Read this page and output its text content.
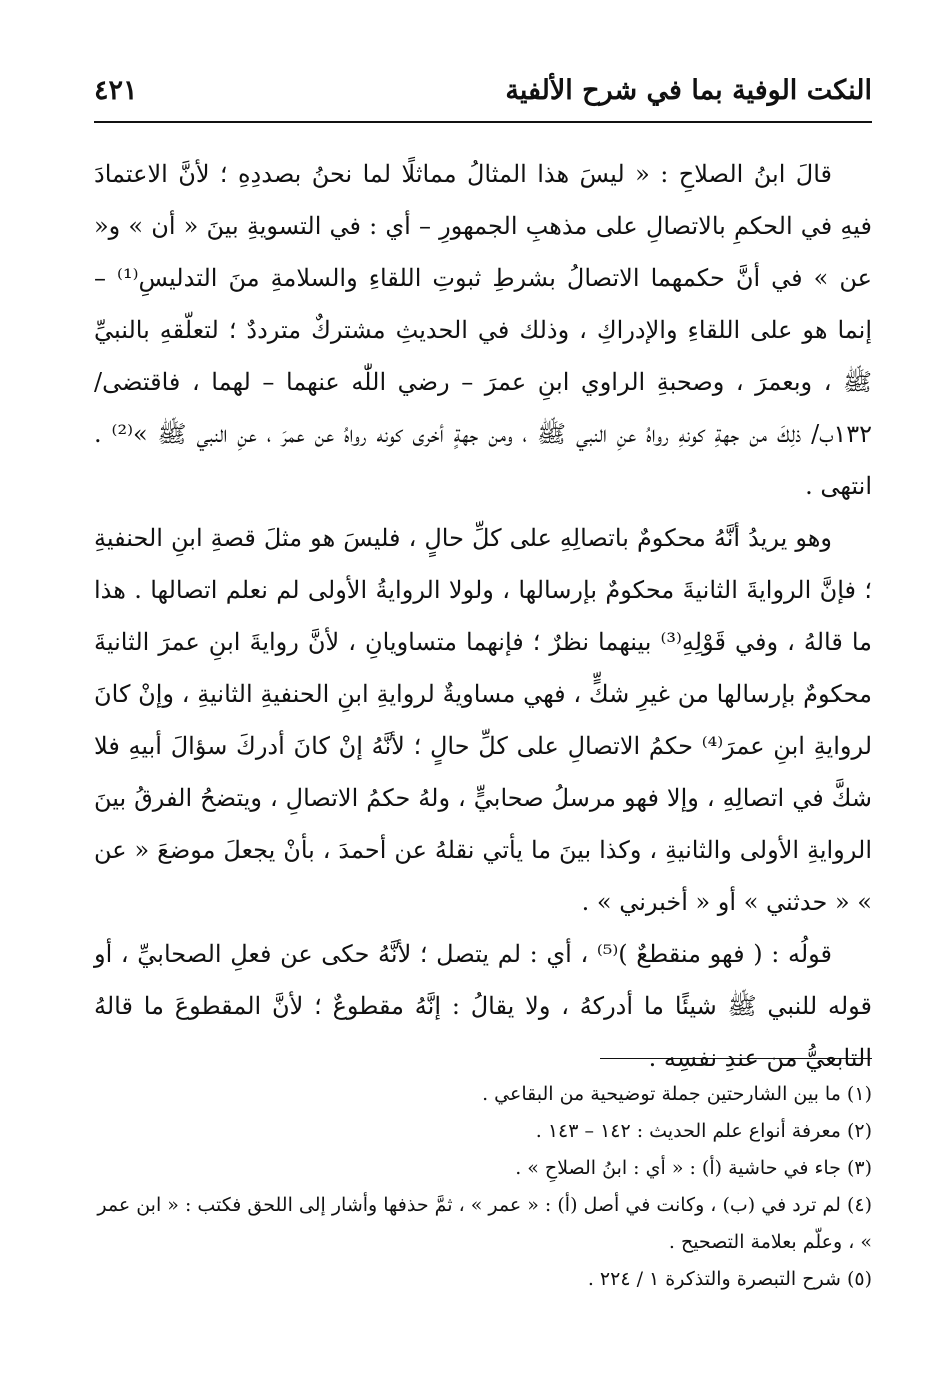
النكت الوفية بما في شرح الألفية
٤٢١

قالَ ابنُ الصلاحِ : « ليسَ هذا المثالُ مماثلًا لما نحنُ بصددِهِ ؛ لأنَّ الاعتمادَ فيهِ في الحكمِ بالاتصالِ على مذهبِ الجمهورِ – أي : في التسويةِ بينَ « أن » و« عن » في أنَّ حكمهما الاتصالُ بشرطِ ثبوتِ اللقاءِ والسلامةِ منَ التدليسِ⁽¹⁾ – إنما هو على اللقاءِ والإدراكِ ، وذلك في الحديثِ مشتركٌ مترددٌ ؛ لتعلّقهِ بالنبيِّ ﷺ ، وبعمرَ ، وصحبةِ الراوي ابنِ عمرَ – رضي اللّٰه عنهما – لهما ، فاقتضى/١٣٢ب/ ذلِكَ من جهةِ كونهِ رواهُ عنِ النبي ﷺ ، ومن جهةٍ أخرى كونه رواهُ عن عمرَ ، عنِ النبي ﷺ »⁽²⁾ . انتهى .

وهو يريدُ أنَّهُ محكومٌ باتصالِهِ على كلِّ حالٍ ، فليسَ هو مثلَ قصةِ ابنِ الحنفيةِ ؛ فإنَّ الروايةَ الثانيةَ محكومٌ بإرسالها ، ولولا الروايةُ الأولى لم نعلم اتصالها . هذا ما قالهُ ، وفي قَوْلِهِ⁽³⁾ بينهما نظرٌ ؛ فإنهما متساويانِ ، لأنَّ روايةَ ابنِ عمرَ الثانيةَ محكومٌ بإرسالها من غيرِ شكٍّ ، فهي مساويةٌ لروايةِ ابنِ الحنفيةِ الثانيةِ ، وإنْ كانَ لروايةِ ابنِ عمرَ⁽⁴⁾ حكمُ الاتصالِ على كلِّ حالٍ ؛ لأنَّهُ إنْ كانَ أدركَ سؤالَ أبيهِ فلا شكَّ في اتصالِهِ ، وإلا فهو مرسلُ صحابيٍّ ، ولهُ حكمُ الاتصالِ ، ويتضحُ الفرقُ بينَ الروايةِ الأولى والثانيةِ ، وكذا بينَ ما يأتي نقلهُ عن أحمدَ ، بأنْ يجعلَ موضعَ « عن » « حدثني » أو « أخبرني » .

قولُه : ( فهو منقطعٌ )⁽⁵⁾ ، أي : لم يتصل ؛ لأنَّهُ حكى عن فعلِ الصحابيِّ ، أو قوله للنبي ﷺ شيئًا ما أدركهُ ، ولا يقالُ : إنَّهُ مقطوعٌ ؛ لأنَّ المقطوعَ ما قالهُ التابعيُّ من عندِ نفسِه .

(١) ما بين الشارحتين جملة توضيحية من البقاعي .
(٢) معرفة أنواع علم الحديث : ١٤٢ – ١٤٣ .
(٣) جاء في حاشية (أ) : « أي : ابنُ الصلاحِ » .
(٤) لم ترد في (ب) ، وكانت في أصل (أ) : « عمر » ، ثمَّ حذفها وأشار إلى اللحق فكتب : « ابن عمر » ، وعلّم بعلامة التصحيح .
(٥) شرح التبصرة والتذكرة ١ / ٢٢٤ .
